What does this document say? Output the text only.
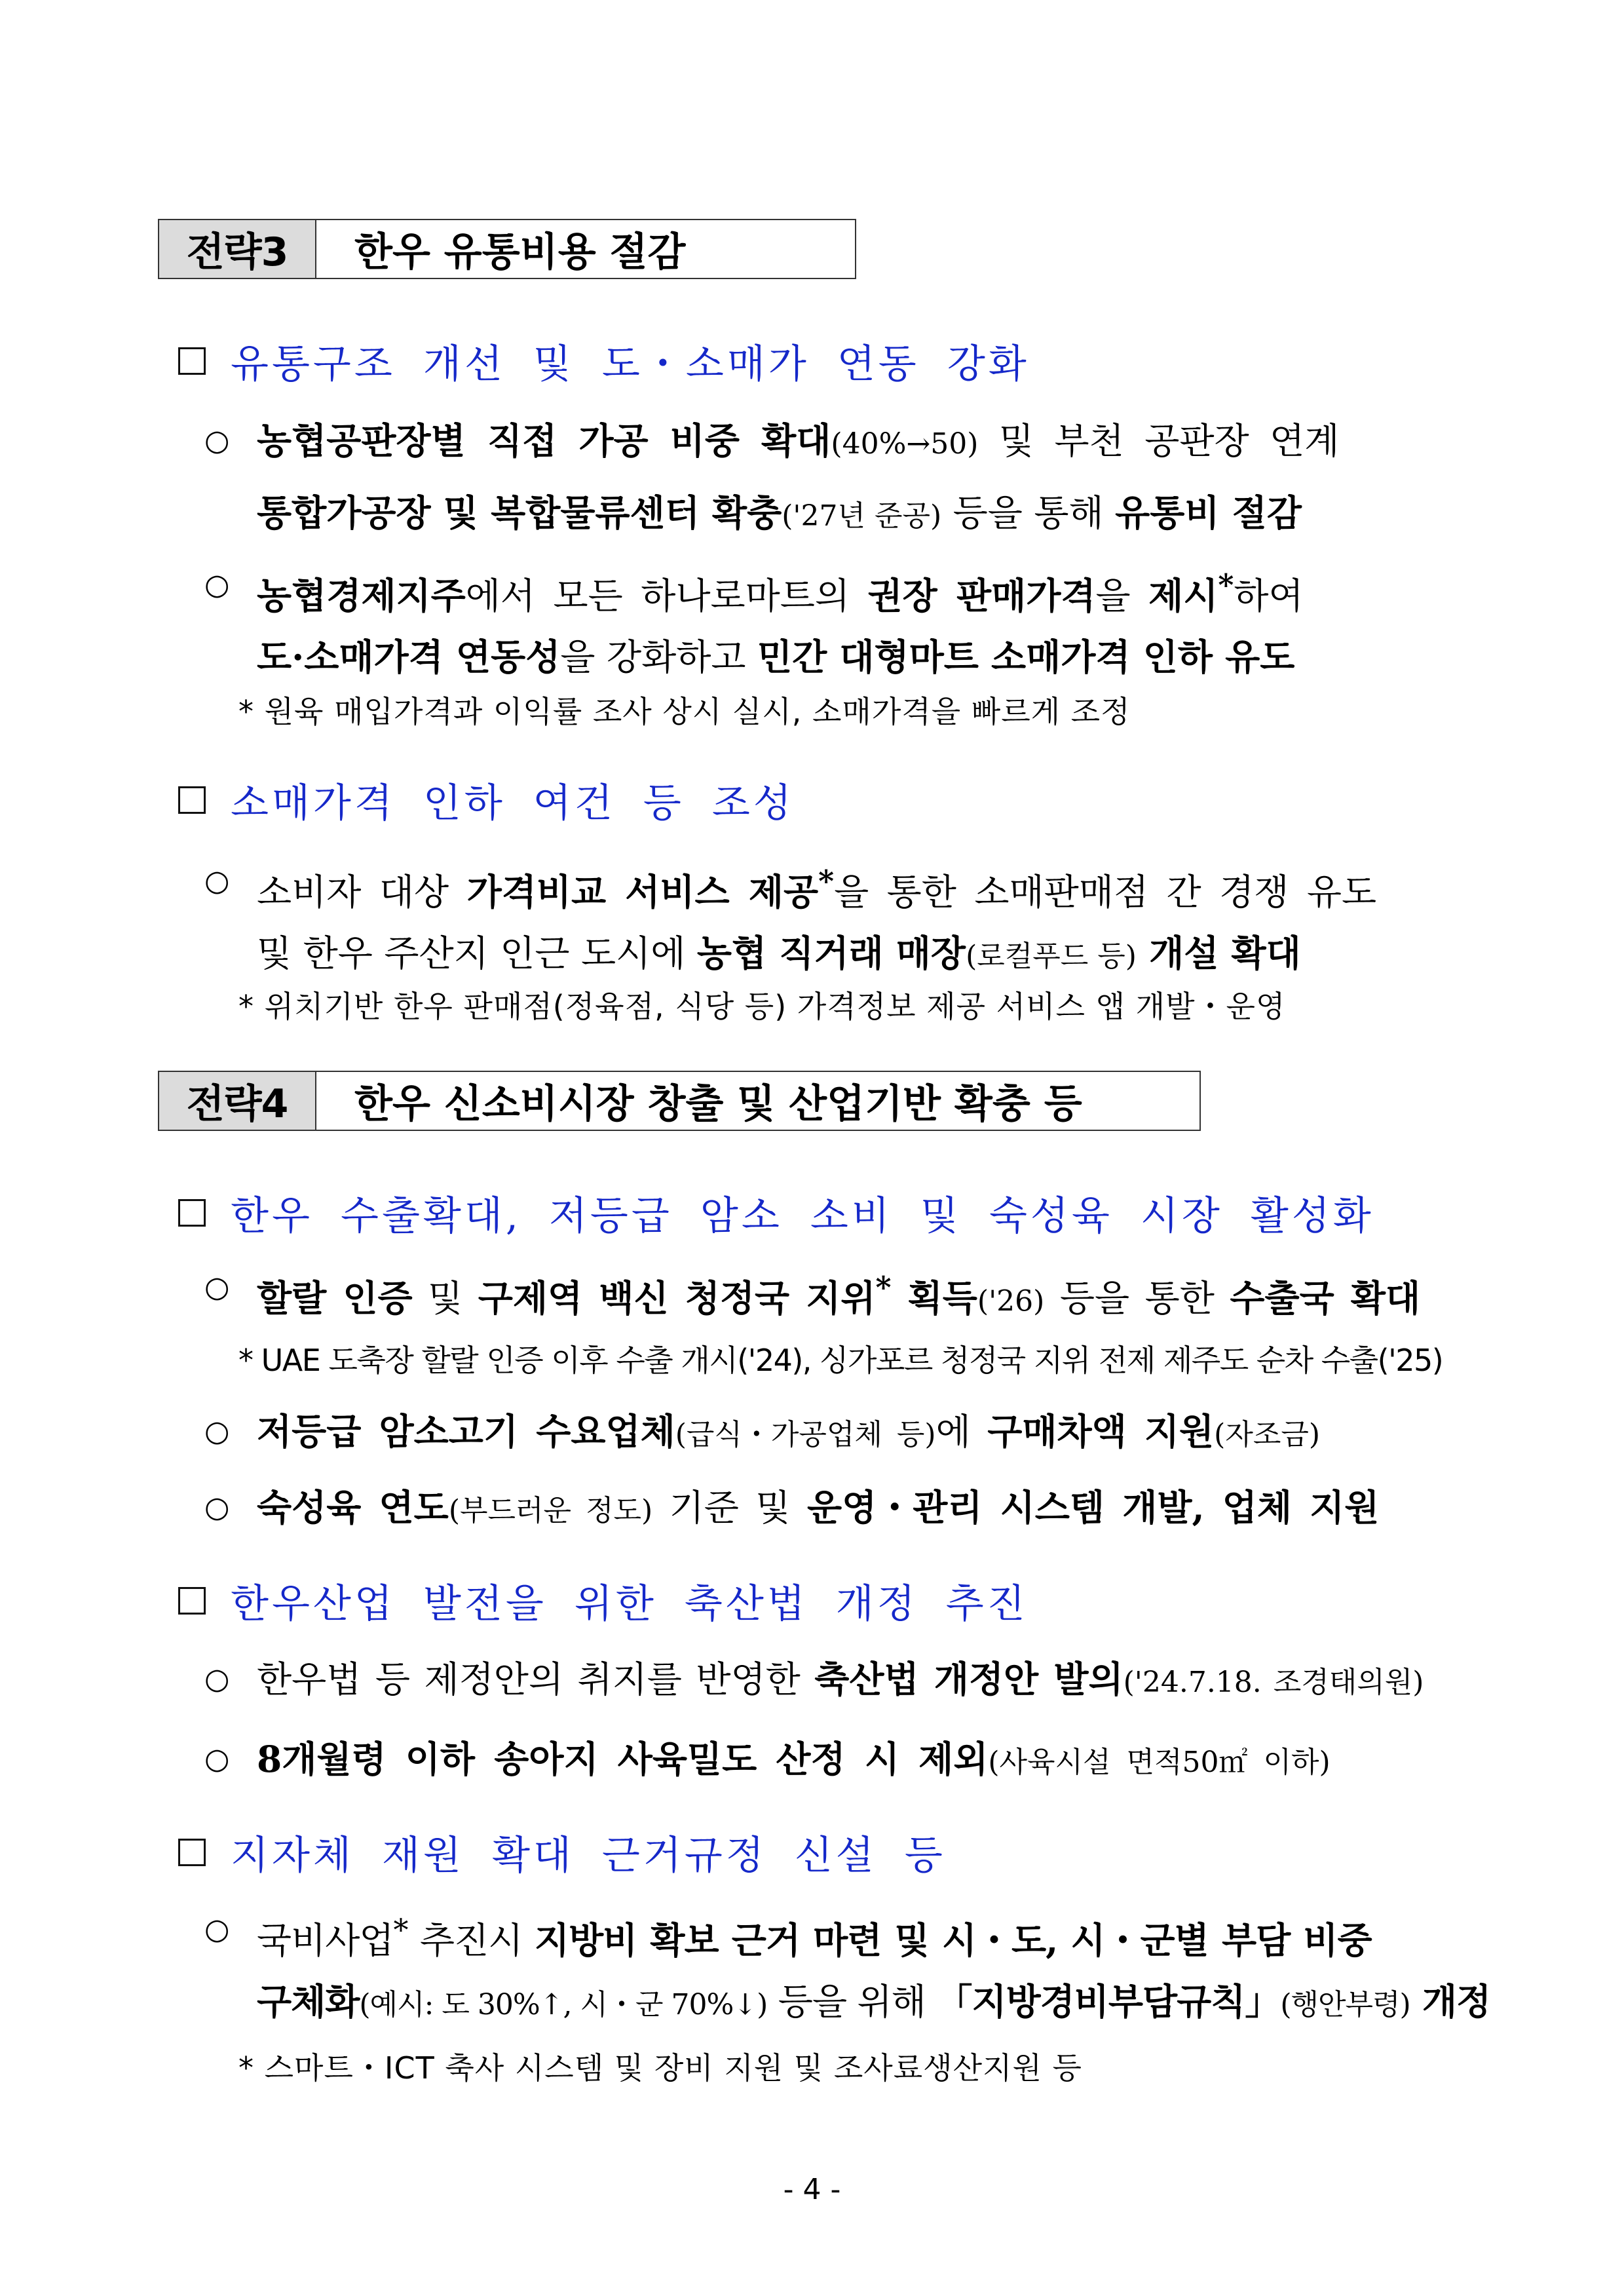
전략3	한우 유통비용 절감
유통구조 개선 및 도・소매가 연동 강화
○ 농협공판장별 직접 가공 비중 확대(40%→50) 및 부천 공판장 연계
통합가공장 및 복합물류센터 확충('27년 준공) 등을 통해 유통비 절감
○ 농협경제지주에서 모든 하나로마트의 권장 판매가격을 제시*하여
도·소매가격 연동성을 강화하고 민간 대형마트 소매가격 인하 유도
* 원육 매입가격과 이익률 조사 상시 실시, 소매가격을 빠르게 조정
소매가격 인하 여건 등 조성
○ 소비자 대상 가격비교 서비스 제공*을 통한 소매판매점 간 경쟁 유도
및 한우 주산지 인근 도시에 농협 직거래 매장(로컬푸드 등) 개설 확대
* 위치기반 한우 판매점(정육점, 식당 등) 가격정보 제공 서비스 앱 개발・운영
전략4	한우 신소비시장 창출 및 산업기반 확충 등
한우 수출확대, 저등급 암소 소비 및 숙성육 시장 활성화
○ 할랄 인증 및 구제역 백신 청정국 지위* 획득('26) 등을 통한 수출국 확대
* UAE 도축장 할랄 인증 이후 수출 개시('24), 싱가포르 청정국 지위 전제 제주도 순차 수출('25)
○ 저등급 암소고기 수요업체(급식・가공업체 등)에 구매차액 지원(자조금)
○ 숙성육 연도(부드러운 정도) 기준 및 운영・관리 시스템 개발, 업체 지원
한우산업 발전을 위한 축산법 개정 추진
○ 한우법 등 제정안의 취지를 반영한 축산법 개정안 발의('24.7.18. 조경태의원)
○ 8개월령 이하 송아지 사육밀도 산정 시 제외(사육시설 면적50㎡ 이하)
지자체 재원 확대 근거규정 신설 등
○ 국비사업* 추진시 지방비 확보 근거 마련 및 시・도, 시・군별 부담 비중
구체화(예시: 도 30%↑, 시・군 70%↓) 등을 위해 「지방경비부담규칙」(행안부령) 개정
* 스마트・ICT 축사 시스템 및 장비 지원 및 조사료생산지원 등
- 4 -
